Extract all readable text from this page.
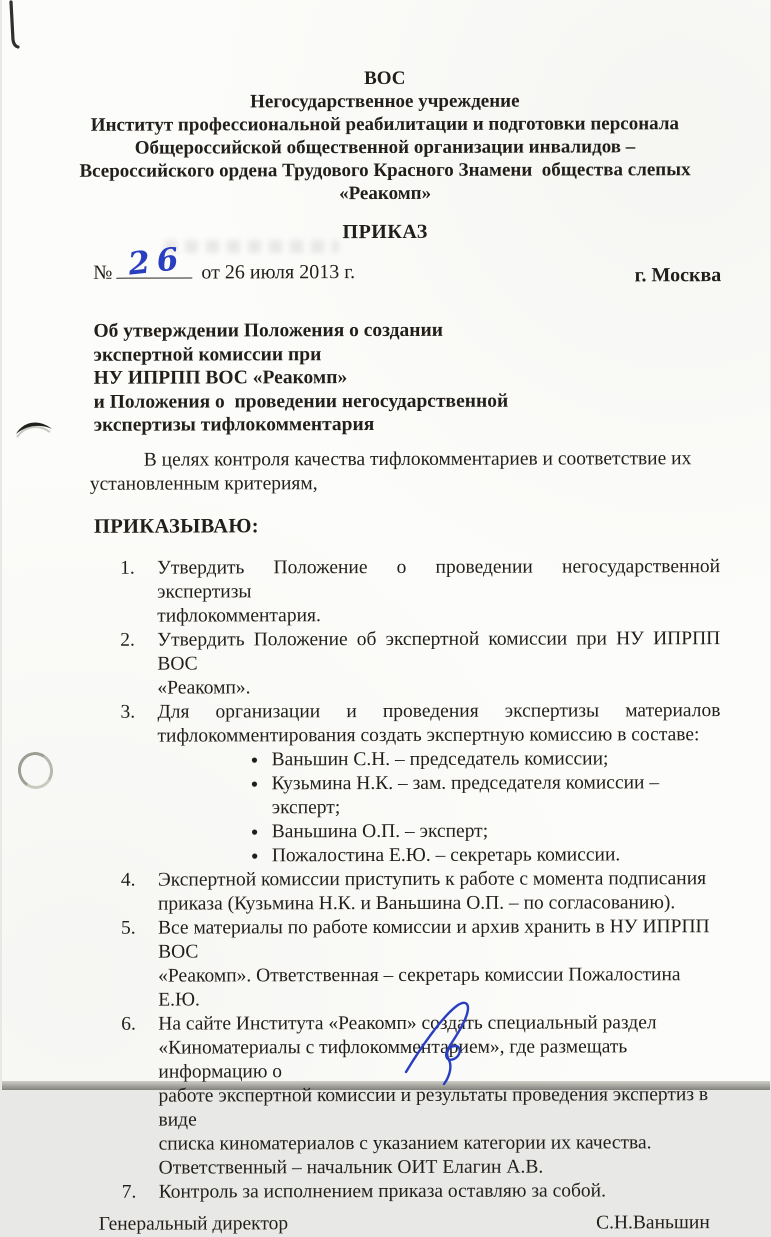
ВОС
Негосударственное учреждение
Институт профессиональной реабилитации и подготовки персонала
Общероссийской общественной организации инвалидов –
Всероссийского ордена Трудового Красного Знамени  общества слепых
«Реакомп»
ПРИКАЗ
№ 26 от 26 июля 2013 г.	г. Москва
Об утверждении Положения о создании
экспертной комиссии при
НУ ИПРПП ВОС «Реакомп»
и Положения о  проведении негосударственной
экспертизы тифлокомментария
В целях контроля качества тифлокомментариев и соответствие их
установленным критериям,
ПРИКАЗЫВАЮ:
1.	Утвердить Положение о проведении негосударственной экспертизы
тифлокомментария.
2.	Утвердить Положение об экспертной комиссии при НУ ИПРПП ВОС
«Реакомп».
3.	Для организации и проведения экспертизы материалов
тифлокомментирования создать экспертную комиссию в составе:
• Ваньшин С.Н. – председатель комиссии;
• Кузьмина Н.К. – зам. председателя комиссии – эксперт;
• Ваньшина О.П. – эксперт;
• Пожалостина Е.Ю. – секретарь комиссии.
4.	Экспертной комиссии приступить к работе с момента подписания
приказа (Кузьмина Н.К. и Ваньшина О.П. – по согласованию).
5.	Все материалы по работе комиссии и архив хранить в НУ ИПРПП ВОС
«Реакомп». Ответственная – секретарь комиссии Пожалостина Е.Ю.
6.	На сайте Института «Реакомп» создать специальный раздел
«Киноматериалы с тифлокомментарием», где размещать информацию о
работе экспертной комиссии и результаты проведения экспертиз в виде
списка киноматериалов с указанием категории их качества.
Ответственный – начальник ОИТ Елагин А.В.
7.	Контроль за исполнением приказа оставляю за собой.
Генеральный директор	С.Н.Ваньшин
